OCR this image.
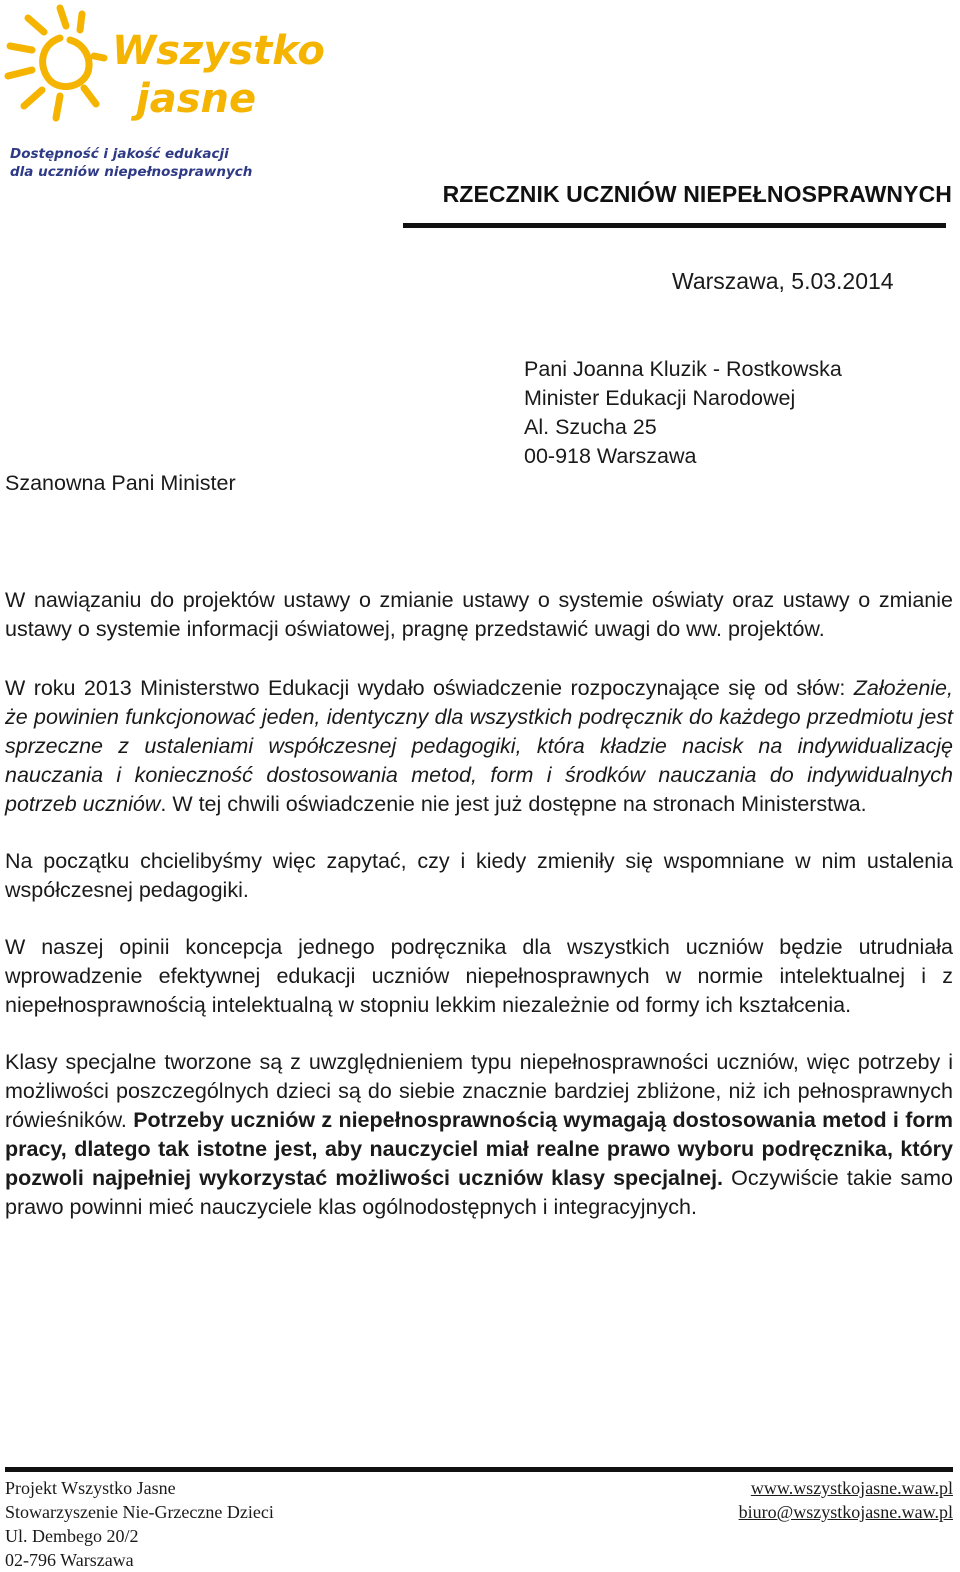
Wszystko
jasne
Dostępność i jakość edukacji
dla uczniów niepełnosprawnych
RZECZNIK UCZNIÓW NIEPEŁNOSPRAWNYCH
Warszawa, 5.03.2014
Pani Joanna Kluzik - Rostkowska
Minister Edukacji Narodowej
Al. Szucha 25
00-918 Warszawa
Szanowna Pani Minister

W nawiązaniu do projektów ustawy o zmianie ustawy o systemie oświaty oraz ustawy o zmianie ustawy o systemie informacji oświatowej, pragnę przedstawić uwagi do ww. projektów.

W roku 2013 Ministerstwo Edukacji wydało oświadczenie rozpoczynające się od słów: Założenie, że powinien funkcjonować jeden, identyczny dla wszystkich podręcznik do każdego przedmiotu jest sprzeczne z ustaleniami współczesnej pedagogiki, która kładzie nacisk na indywidualizację nauczania i konieczność dostosowania metod, form i środków nauczania do indywidualnych potrzeb uczniów. W tej chwili oświadczenie nie jest już dostępne na stronach Ministerstwa.

Na początku chcielibyśmy więc zapytać, czy i kiedy zmieniły się wspomniane w nim ustalenia współczesnej pedagogiki.

W naszej opinii koncepcja jednego podręcznika dla wszystkich uczniów będzie utrudniała wprowadzenie efektywnej edukacji uczniów niepełnosprawnych w normie intelektualnej i z niepełnosprawnością intelektualną w stopniu lekkim niezależnie od formy ich kształcenia.

Klasy specjalne tworzone są z uwzględnieniem typu niepełnosprawności uczniów, więc potrzeby i możliwości poszczególnych dzieci są do siebie znacznie bardziej zbliżone, niż ich pełnosprawnych rówieśników. Potrzeby uczniów z niepełnosprawnością wymagają dostosowania metod i form pracy, dlatego tak istotne jest, aby nauczyciel miał realne prawo wyboru podręcznika, który pozwoli najpełniej wykorzystać możliwości uczniów klasy specjalnej. Oczywiście takie samo prawo powinni mieć nauczyciele klas ogólnodostępnych i integracyjnych.

Projekt Wszystko Jasne
Stowarzyszenie Nie-Grzeczne Dzieci
Ul. Dembego 20/2
02-796 Warszawa
www.wszystkojasne.waw.pl
biuro@wszystkojasne.waw.pl
